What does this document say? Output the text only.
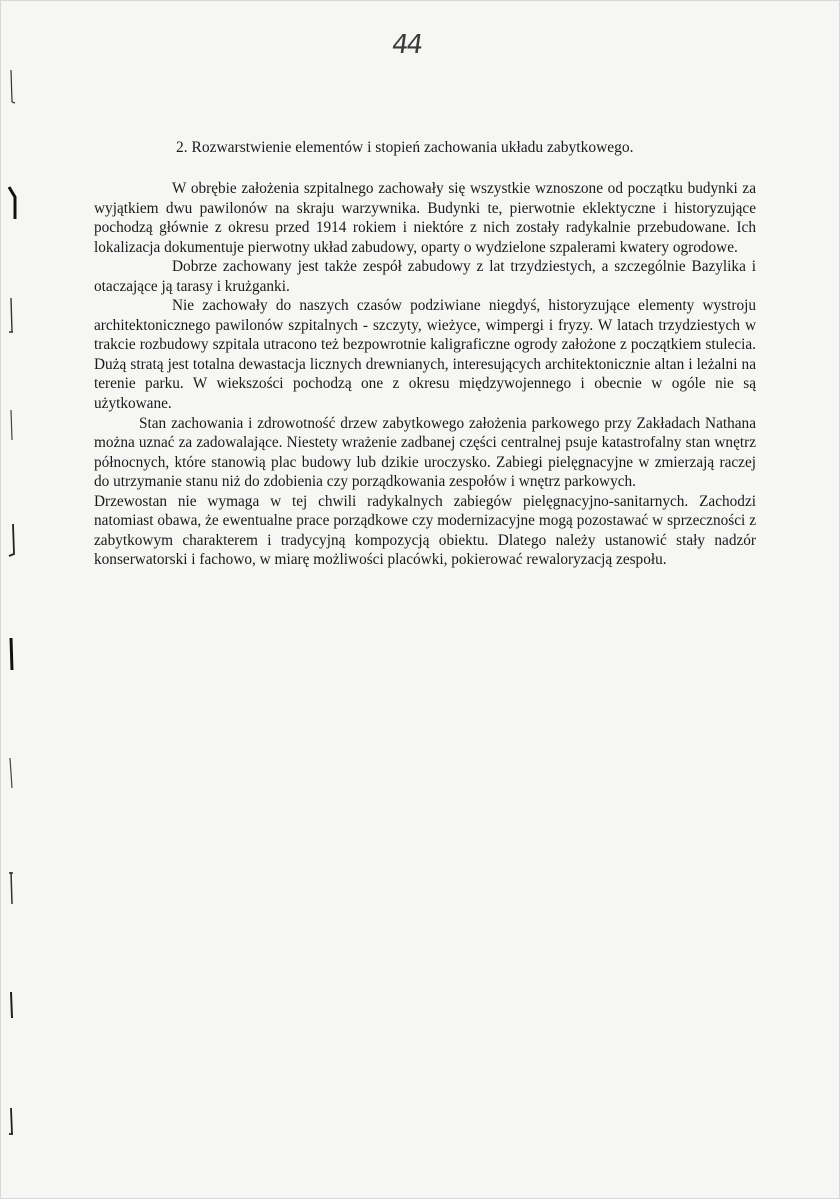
44
2. Rozwarstwienie elementów i stopień zachowania układu zabytkowego.

W obrębie założenia szpitalnego zachowały się wszystkie wznoszone od początku budynki za wyjątkiem dwu pawilonów na skraju warzywnika. Budynki te, pierwotnie eklektyczne i historyzujące pochodzą głównie z okresu przed 1914 rokiem i niektóre z nich zostały radykalnie przebudowane. Ich lokalizacja dokumentuje pierwotny układ zabudowy, oparty o wydzielone szpalerami kwatery ogrodowe.

Dobrze zachowany jest także zespół zabudowy z lat trzydziestych, a szczególnie Bazylika i otaczające ją tarasy i krużganki.

Nie zachowały do naszych czasów podziwiane niegdyś, historyzujące elementy wystroju architektonicznego pawilonów szpitalnych - szczyty, wieżyce, wimpergi i fryzy. W latach trzydziestych w trakcie rozbudowy szpitala utracono też bezpowrotnie kaligraficzne ogrody założone z początkiem stulecia. Dużą stratą jest totalna dewastacja licznych drewnianych, interesujących architektonicznie altan i leżalni na terenie parku. W wiekszości pochodzą one z okresu międzywojennego i obecnie w ogóle nie są użytkowane.

Stan zachowania i zdrowotność drzew zabytkowego założenia parkowego przy Zakładach Nathana można uznać za zadowalające. Niestety wrażenie zadbanej części centralnej psuje katastrofalny stan wnętrz północnych, które stanowią plac budowy lub dzikie uroczysko. Zabiegi pielęgnacyjne w zmierzają raczej do utrzymanie stanu niż do zdobienia czy porządkowania zespołów i wnętrz parkowych.

Drzewostan nie wymaga w tej chwili radykalnych zabiegów pielęgnacyjno-sanitarnych. Zachodzi natomiast obawa, że ewentualne prace porządkowe czy modernizacyjne mogą pozostawać w sprzeczności z zabytkowym charakterem i tradycyjną kompozycją obiektu. Dlatego należy ustanowić stały nadzór konserwatorski i fachowo, w miarę możliwości placówki, pokierować rewaloryzacją zespołu.
